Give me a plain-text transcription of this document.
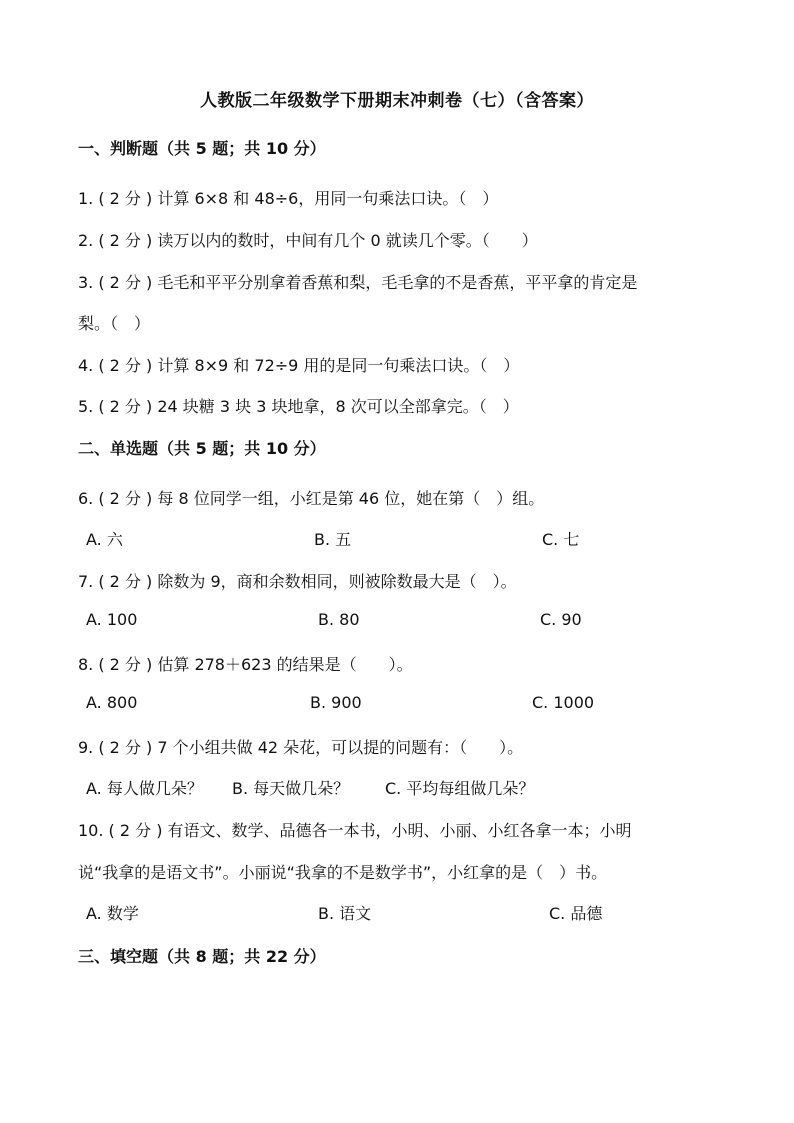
人教版二年级数学下册期末冲刺卷（七）（含答案）
一、判断题（共 5 题；共 10 分）
1. ( 2 分 ) 计算 6×8 和 48÷6，用同一句乘法口诀。（　）
2. ( 2 分 ) 读万以内的数时，中间有几个 0 就读几个零。（　　）
3. ( 2 分 ) 毛毛和平平分别拿着香蕉和梨，毛毛拿的不是香蕉，平平拿的肯定是
梨。（　）
4. ( 2 分 ) 计算 8×9 和 72÷9 用的是同一句乘法口诀。（　）
5. ( 2 分 ) 24 块糖 3 块 3 块地拿，8 次可以全部拿完。（　）
二、单选题（共 5 题；共 10 分）
6. ( 2 分 ) 每 8 位同学一组，小红是第 46 位，她在第（　）组。
A. 六	B. 五	C. 七
7. ( 2 分 ) 除数为 9，商和余数相同，则被除数最大是（　）。
A. 100	B. 80	C. 90
8. ( 2 分 ) 估算 278＋623 的结果是（　　）。
A. 800	B. 900	C. 1000
9. ( 2 分 ) 7 个小组共做 42 朵花，可以提的问题有：（　　）。
A. 每人做几朵？ B. 每天做几朵？ C. 平均每组做几朵？
10. ( 2 分 ) 有语文、数学、品德各一本书，小明、小丽、小红各拿一本；小明
说“我拿的是语文书”。小丽说“我拿的不是数学书”，小红拿的是（　）书。
A. 数学	B. 语文	C. 品德
三、填空题（共 8 题；共 22 分）
